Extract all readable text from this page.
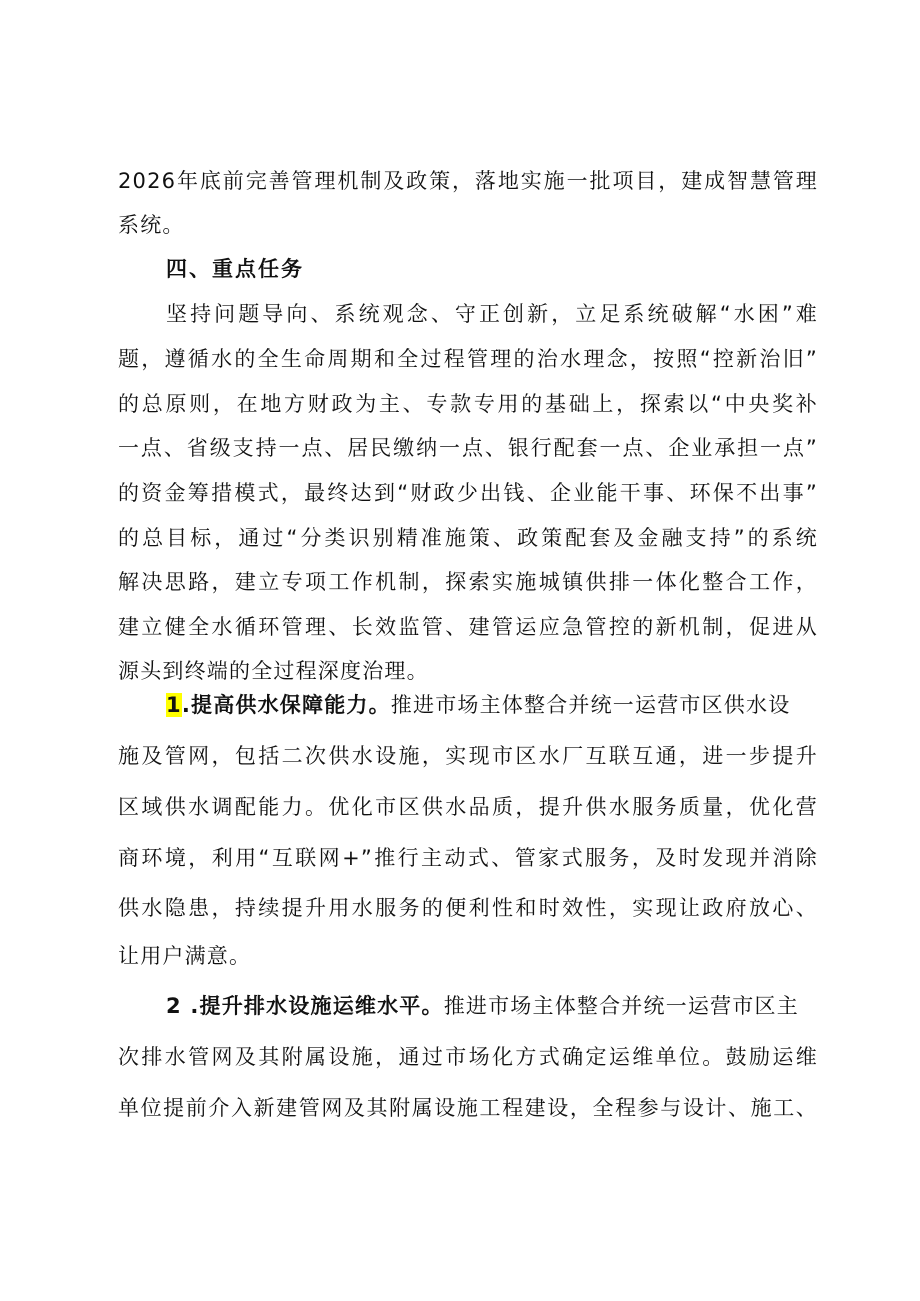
2026年底前完善管理机制及政策，落地实施一批项目，建成智慧管理
系统。
四、重点任务
坚持问题导向、系统观念、守正创新，立足系统破解“水困”难
题，遵循水的全生命周期和全过程管理的治水理念，按照“控新治旧”
的总原则，在地方财政为主、专款专用的基础上，探索以“中央奖补
一点、省级支持一点、居民缴纳一点、银行配套一点、企业承担一点”
的资金筹措模式，最终达到“财政少出钱、企业能干事、环保不出事”
的总目标，通过“分类识别精准施策、政策配套及金融支持”的系统
解决思路，建立专项工作机制，探索实施城镇供排一体化整合工作，
建立健全水循环管理、长效监管、建管运应急管控的新机制，促进从
源头到终端的全过程深度治理。
1.提高供水保障能力。推进市场主体整合并统一运营市区供水设
施及管网，包括二次供水设施，实现市区水厂互联互通，进一步提升
区域供水调配能力。优化市区供水品质，提升供水服务质量，优化营
商环境，利用“互联网+”推行主动式、管家式服务，及时发现并消除
供水隐患，持续提升用水服务的便利性和时效性，实现让政府放心、
让用户满意。
2 .提升排水设施运维水平。推进市场主体整合并统一运营市区主
次排水管网及其附属设施，通过市场化方式确定运维单位。鼓励运维
单位提前介入新建管网及其附属设施工程建设，全程参与设计、施工、
